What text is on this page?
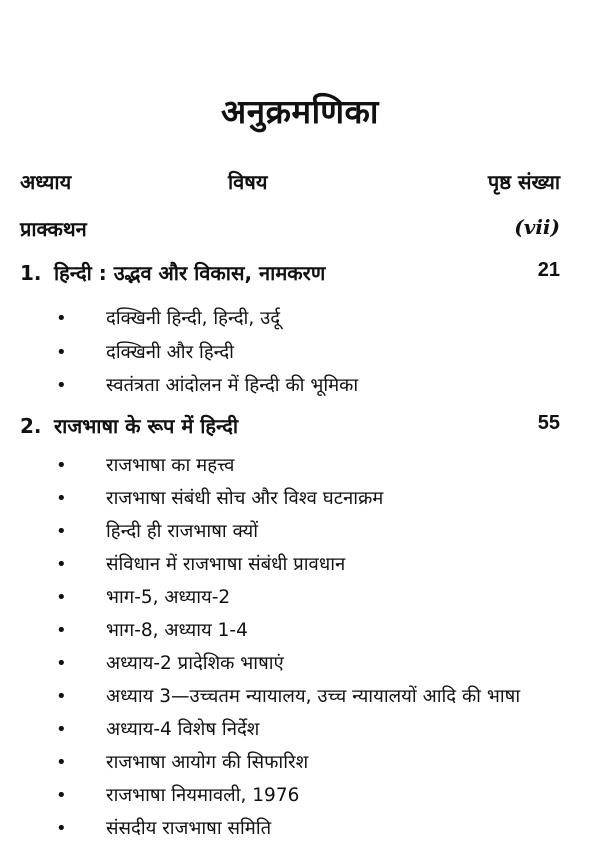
अनुक्रमणिका
अध्याय	विषय	पृष्ठ संख्या
प्राक्कथन	(vii)
1. हिन्दी : उद्भव और विकास, नामकरण	21
• दक्खिनी हिन्दी, हिन्दी, उर्दू
• दक्खिनी और हिन्दी
• स्वतंत्रता आंदोलन में हिन्दी की भूमिका
2. राजभाषा के रूप में हिन्दी	55
• राजभाषा का महत्त्व
• राजभाषा संबंधी सोच और विश्व घटनाक्रम
• हिन्दी ही राजभाषा क्यों
• संविधान में राजभाषा संबंधी प्रावधान
• भाग-5, अध्याय-2
• भाग-8, अध्याय 1-4
• अध्याय-2 प्रादेशिक भाषाएं
• अध्याय 3—उच्चतम न्यायालय, उच्च न्यायालयों आदि की भाषा
• अध्याय-4 विशेष निर्देश
• राजभाषा आयोग की सिफारिश
• राजभाषा नियमावली, 1976
• संसदीय राजभाषा समिति
